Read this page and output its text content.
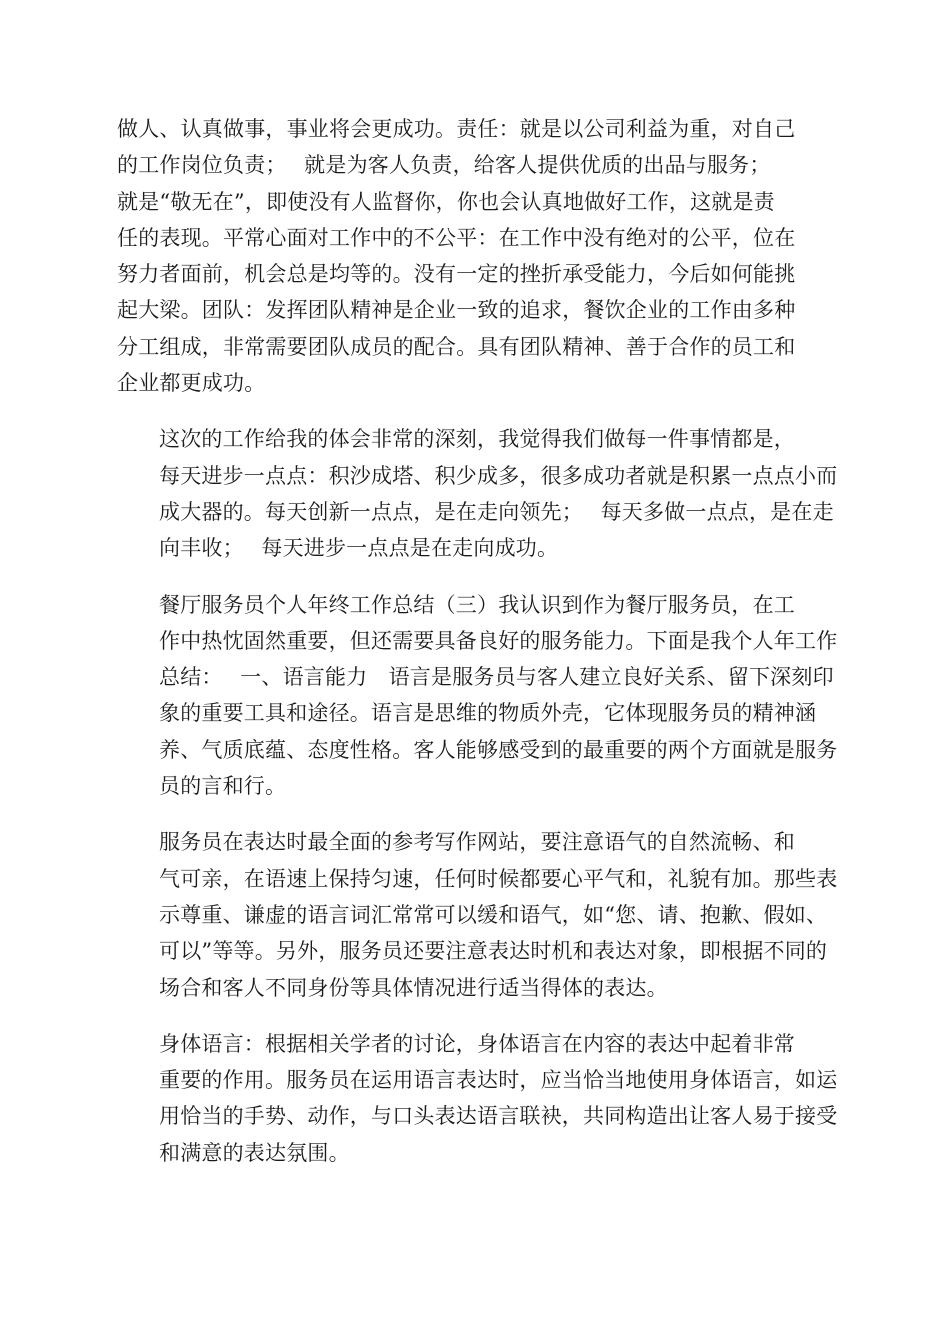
做人、认真做事，事业将会更成功。责任：就是以公司利益为重，对自己
的工作岗位负责；　 就是为客人负责，给客人提供优质的出品与服务；
就是“敬无在”，即使没有人监督你，你也会认真地做好工作，这就是责
任的表现。平常心面对工作中的不公平：在工作中没有绝对的公平，位在
努力者面前，机会总是均等的。没有一定的挫折承受能力，今后如何能挑
起大梁。团队：发挥团队精神是企业一致的追求，餐饮企业的工作由多种
分工组成，非常需要团队成员的配合。具有团队精神、善于合作的员工和
企业都更成功。

这次的工作给我的体会非常的深刻，我觉得我们做每一件事情都是，
每天进步一点点：积沙成塔、积少成多，很多成功者就是积累一点点小而
成大器的。每天创新一点点，是在走向领先；　 每天多做一点点，是在走
向丰收；　 每天进步一点点是在走向成功。

餐厅服务员个人年终工作总结（三）我认识到作为餐厅服务员，在工
作中热忱固然重要，但还需要具备良好的服务能力。下面是我个人年工作
总结：　 一、语言能力　语言是服务员与客人建立良好关系、留下深刻印
象的重要工具和途径。语言是思维的物质外壳，它体现服务员的精神涵
养、气质底蕴、态度性格。客人能够感受到的最重要的两个方面就是服务
员的言和行。

服务员在表达时最全面的参考写作网站，要注意语气的自然流畅、和
气可亲，在语速上保持匀速，任何时候都要心平气和，礼貌有加。那些表
示尊重、谦虚的语言词汇常常可以缓和语气，如“您、请、抱歉、假如、
可以”等等。另外，服务员还要注意表达时机和表达对象，即根据不同的
场合和客人不同身份等具体情况进行适当得体的表达。

身体语言：根据相关学者的讨论，身体语言在内容的表达中起着非常
重要的作用。服务员在运用语言表达时，应当恰当地使用身体语言，如运
用恰当的手势、动作，与口头表达语言联袂，共同构造出让客人易于接受
和满意的表达氛围。
